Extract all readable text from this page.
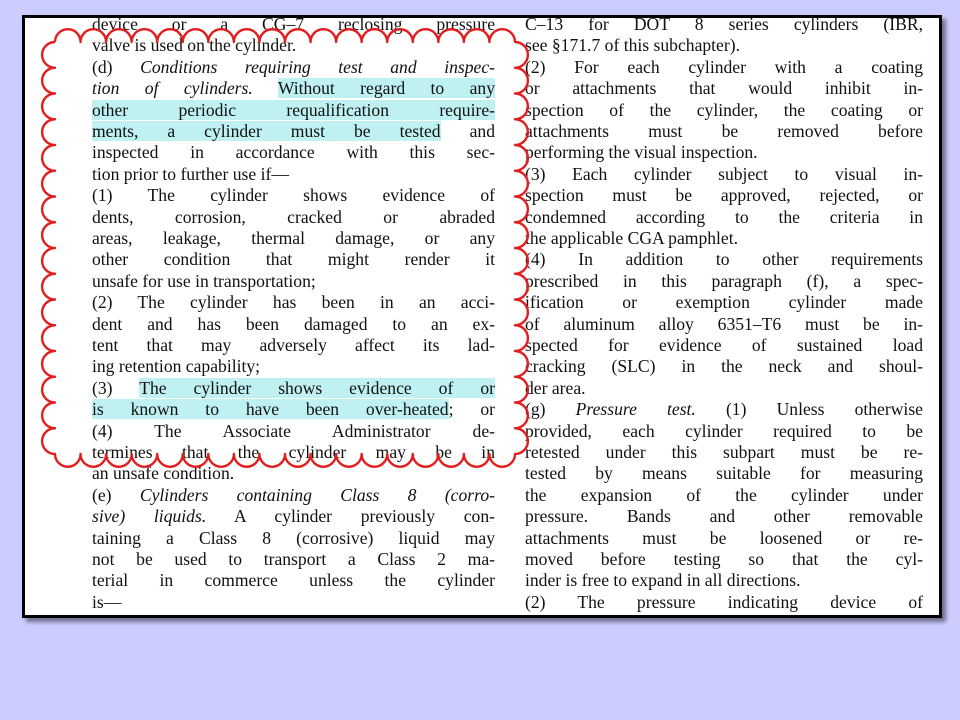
device or a CG–7 reclosing pressure
valve is used on the cylinder.
(d) Conditions requiring test and inspec-
tion of cylinders. Without regard to any
other periodic requalification require-
ments, a cylinder must be tested and
inspected in accordance with this sec-
tion prior to further use if—
(1) The cylinder shows evidence of
dents, corrosion, cracked or abraded
areas, leakage, thermal damage, or any
other condition that might render it
unsafe for use in transportation;
(2) The cylinder has been in an acci-
dent and has been damaged to an ex-
tent that may adversely affect its lad-
ing retention capability;
(3) The cylinder shows evidence of or
is known to have been over-heated; or
(4) The Associate Administrator de-
termines that the cylinder may be in
an unsafe condition.
(e) Cylinders containing Class 8 (corro-
sive) liquids. A cylinder previously con-
taining a Class 8 (corrosive) liquid may
not be used to transport a Class 2 ma-
terial in commerce unless the cylinder
is—
C–13 for DOT 8 series cylinders (IBR,
see §171.7 of this subchapter).
(2) For each cylinder with a coating
or attachments that would inhibit in-
spection of the cylinder, the coating or
attachments must be removed before
performing the visual inspection.
(3) Each cylinder subject to visual in-
spection must be approved, rejected, or
condemned according to the criteria in
the applicable CGA pamphlet.
(4) In addition to other requirements
prescribed in this paragraph (f), a spec-
ification or exemption cylinder made
of aluminum alloy 6351–T6 must be in-
spected for evidence of sustained load
cracking (SLC) in the neck and shoul-
der area.
(g) Pressure test. (1) Unless otherwise
provided, each cylinder required to be
retested under this subpart must be re-
tested by means suitable for measuring
the expansion of the cylinder under
pressure. Bands and other removable
attachments must be loosened or re-
moved before testing so that the cyl-
inder is free to expand in all directions.
(2) The pressure indicating device of
